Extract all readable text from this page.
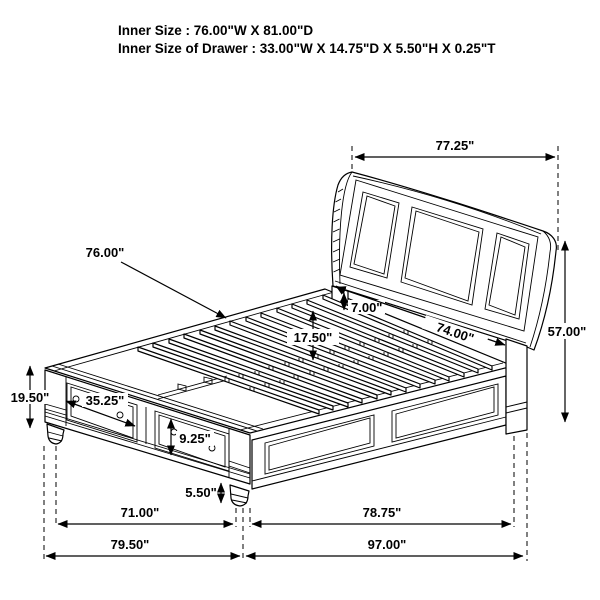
Inner Size : 76.00"W X 81.00"D
Inner Size of Drawer : 33.00"W X 14.75"D X 5.50"H X 0.25"T
77.25"
76.00"
7.00"
17.50"	74.00"	57.00"
19.50"	35.25"
9.25"
5.50"
71.00"	78.75"
79.50"	97.00"
